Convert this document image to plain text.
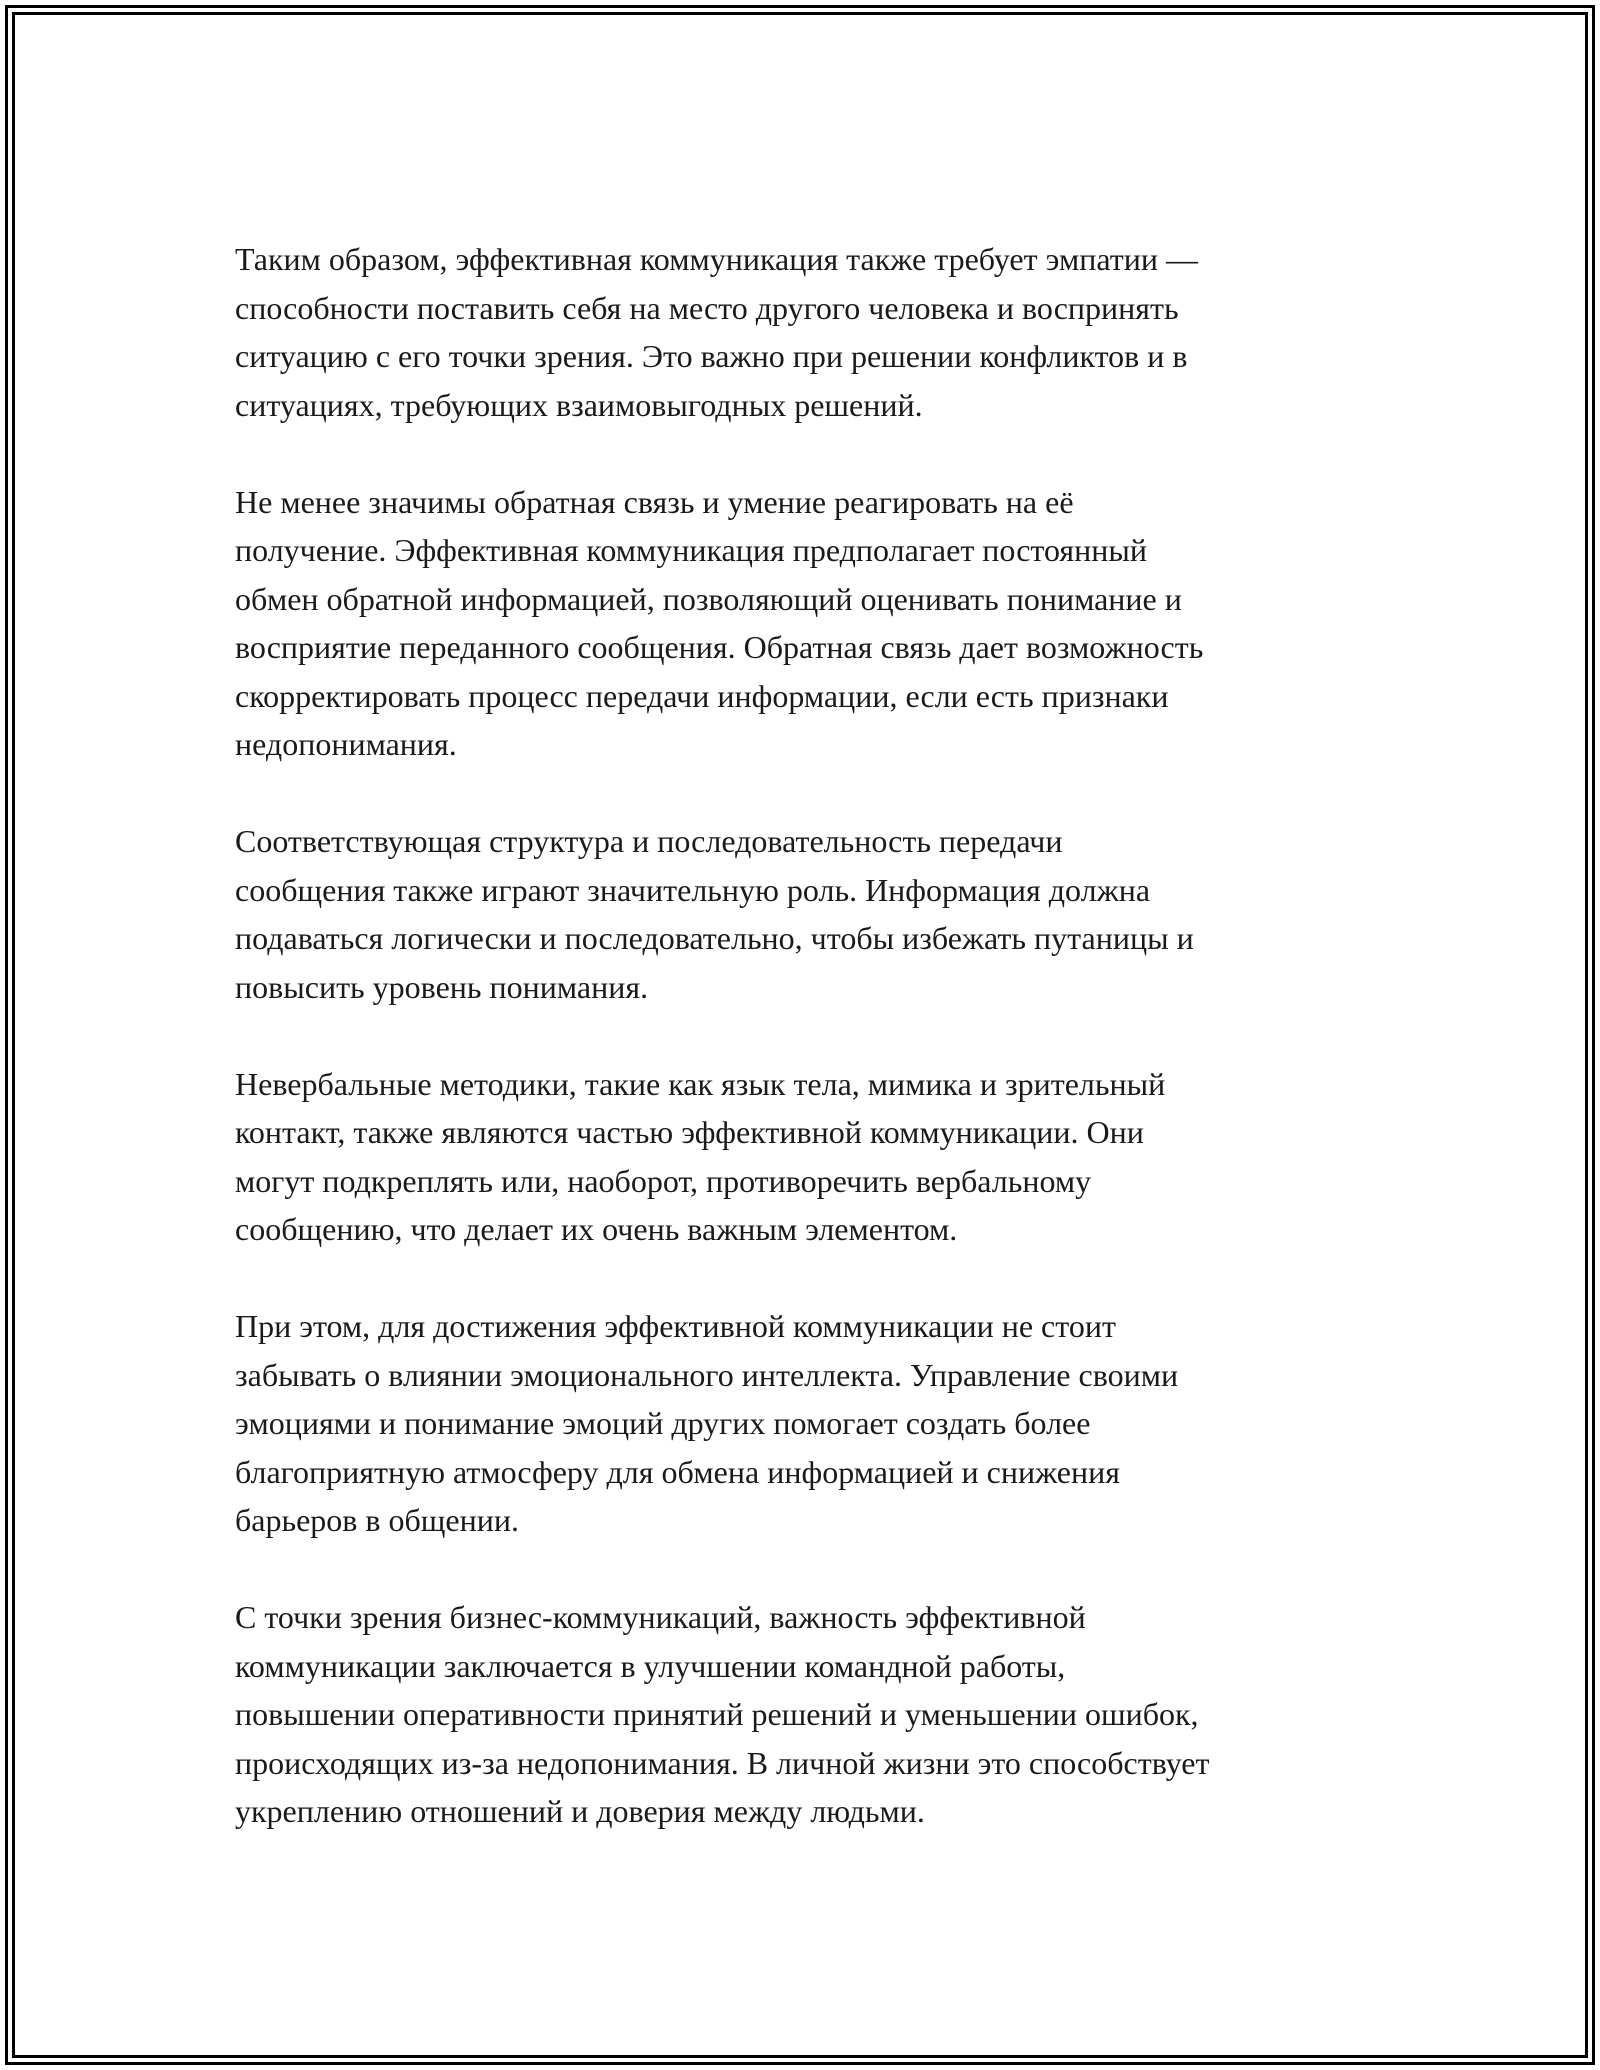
Таким образом, эффективная коммуникация также требует эмпатии —
способности поставить себя на место другого человека и воспринять
ситуацию с его точки зрения. Это важно при решении конфликтов и в
ситуациях, требующих взаимовыгодных решений.
Не менее значимы обратная связь и умение реагировать на её
получение. Эффективная коммуникация предполагает постоянный
обмен обратной информацией, позволяющий оценивать понимание и
восприятие переданного сообщения. Обратная связь дает возможность
скорректировать процесс передачи информации, если есть признаки
недопонимания.
Соответствующая структура и последовательность передачи
сообщения также играют значительную роль. Информация должна
подаваться логически и последовательно, чтобы избежать путаницы и
повысить уровень понимания.
Невербальные методики, такие как язык тела, мимика и зрительный
контакт, также являются частью эффективной коммуникации. Они
могут подкреплять или, наоборот, противоречить вербальному
сообщению, что делает их очень важным элементом.
При этом, для достижения эффективной коммуникации не стоит
забывать о влиянии эмоционального интеллекта. Управление своими
эмоциями и понимание эмоций других помогает создать более
благоприятную атмосферу для обмена информацией и снижения
барьеров в общении.
С точки зрения бизнес-коммуникаций, важность эффективной
коммуникации заключается в улучшении командной работы,
повышении оперативности принятий решений и уменьшении ошибок,
происходящих из-за недопонимания. В личной жизни это способствует
укреплению отношений и доверия между людьми.
